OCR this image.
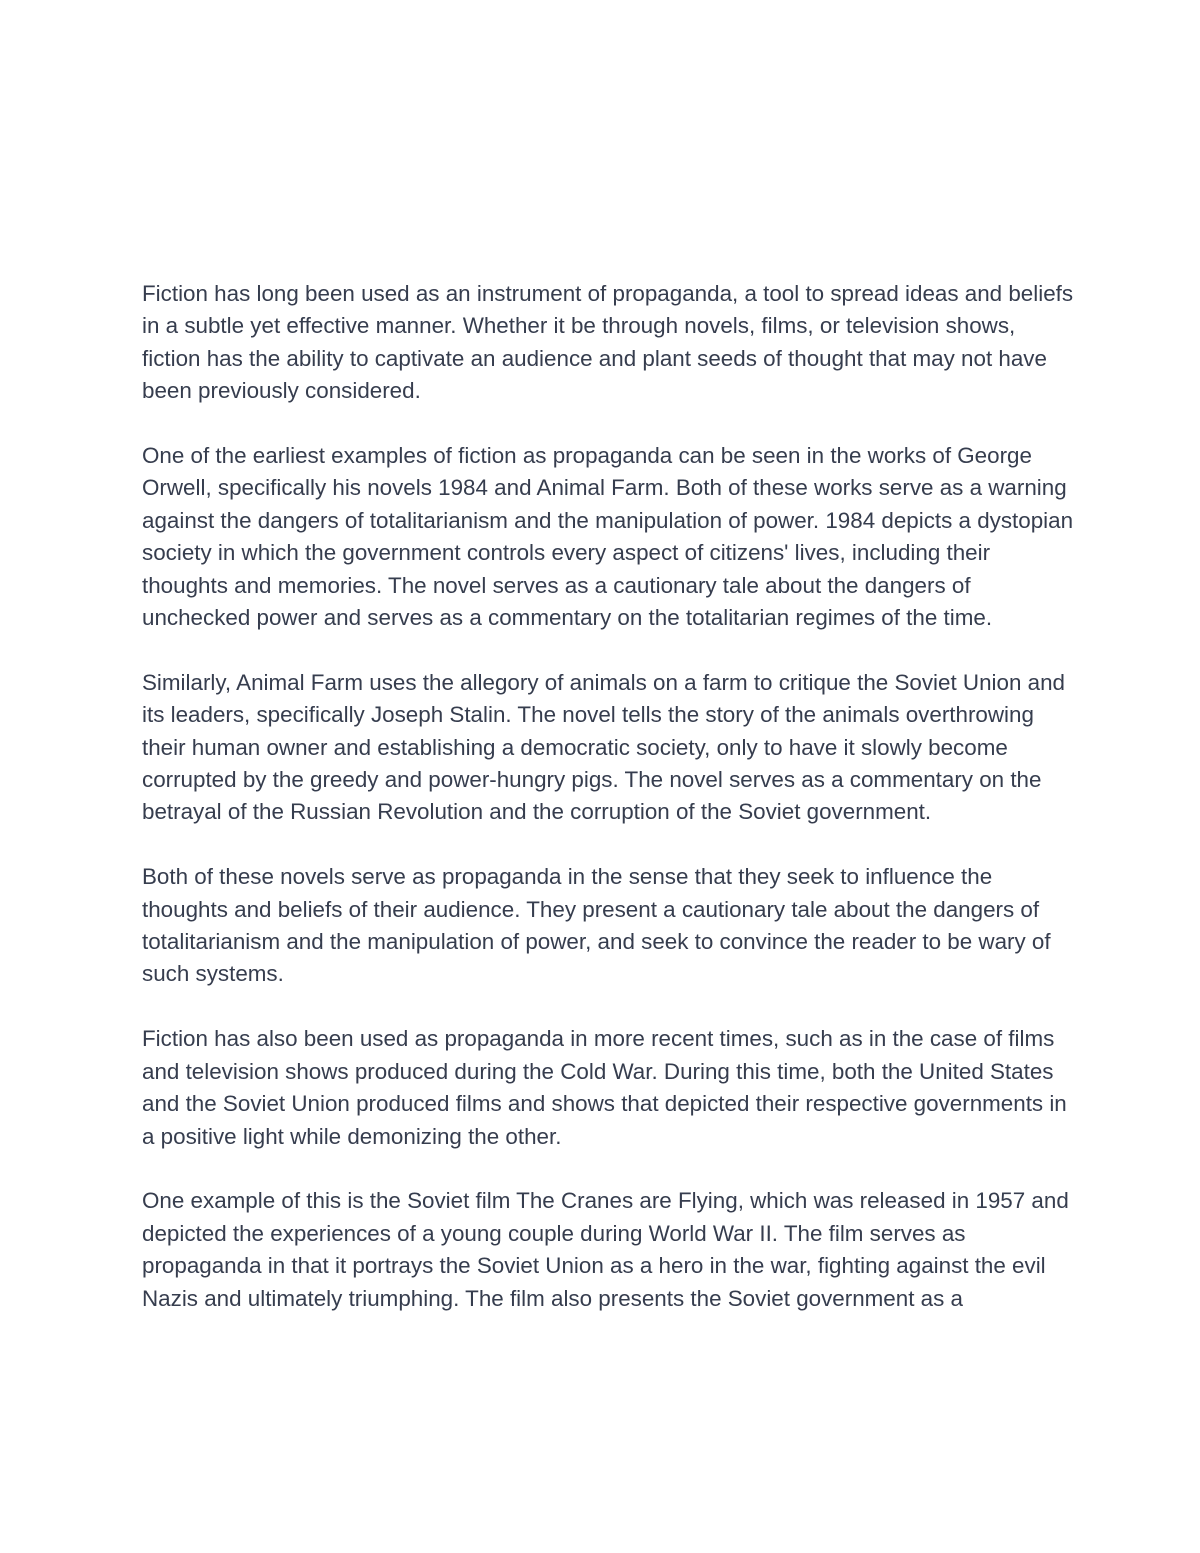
Fiction has long been used as an instrument of propaganda, a tool to spread ideas and beliefs in a subtle yet effective manner. Whether it be through novels, films, or television shows, fiction has the ability to captivate an audience and plant seeds of thought that may not have been previously considered.

One of the earliest examples of fiction as propaganda can be seen in the works of George Orwell, specifically his novels 1984 and Animal Farm. Both of these works serve as a warning against the dangers of totalitarianism and the manipulation of power. 1984 depicts a dystopian society in which the government controls every aspect of citizens' lives, including their thoughts and memories. The novel serves as a cautionary tale about the dangers of unchecked power and serves as a commentary on the totalitarian regimes of the time.

Similarly, Animal Farm uses the allegory of animals on a farm to critique the Soviet Union and its leaders, specifically Joseph Stalin. The novel tells the story of the animals overthrowing their human owner and establishing a democratic society, only to have it slowly become corrupted by the greedy and power-hungry pigs. The novel serves as a commentary on the betrayal of the Russian Revolution and the corruption of the Soviet government.

Both of these novels serve as propaganda in the sense that they seek to influence the thoughts and beliefs of their audience. They present a cautionary tale about the dangers of totalitarianism and the manipulation of power, and seek to convince the reader to be wary of such systems.

Fiction has also been used as propaganda in more recent times, such as in the case of films and television shows produced during the Cold War. During this time, both the United States and the Soviet Union produced films and shows that depicted their respective governments in a positive light while demonizing the other.

One example of this is the Soviet film The Cranes are Flying, which was released in 1957 and depicted the experiences of a young couple during World War II. The film serves as propaganda in that it portrays the Soviet Union as a hero in the war, fighting against the evil Nazis and ultimately triumphing. The film also presents the Soviet government as a
